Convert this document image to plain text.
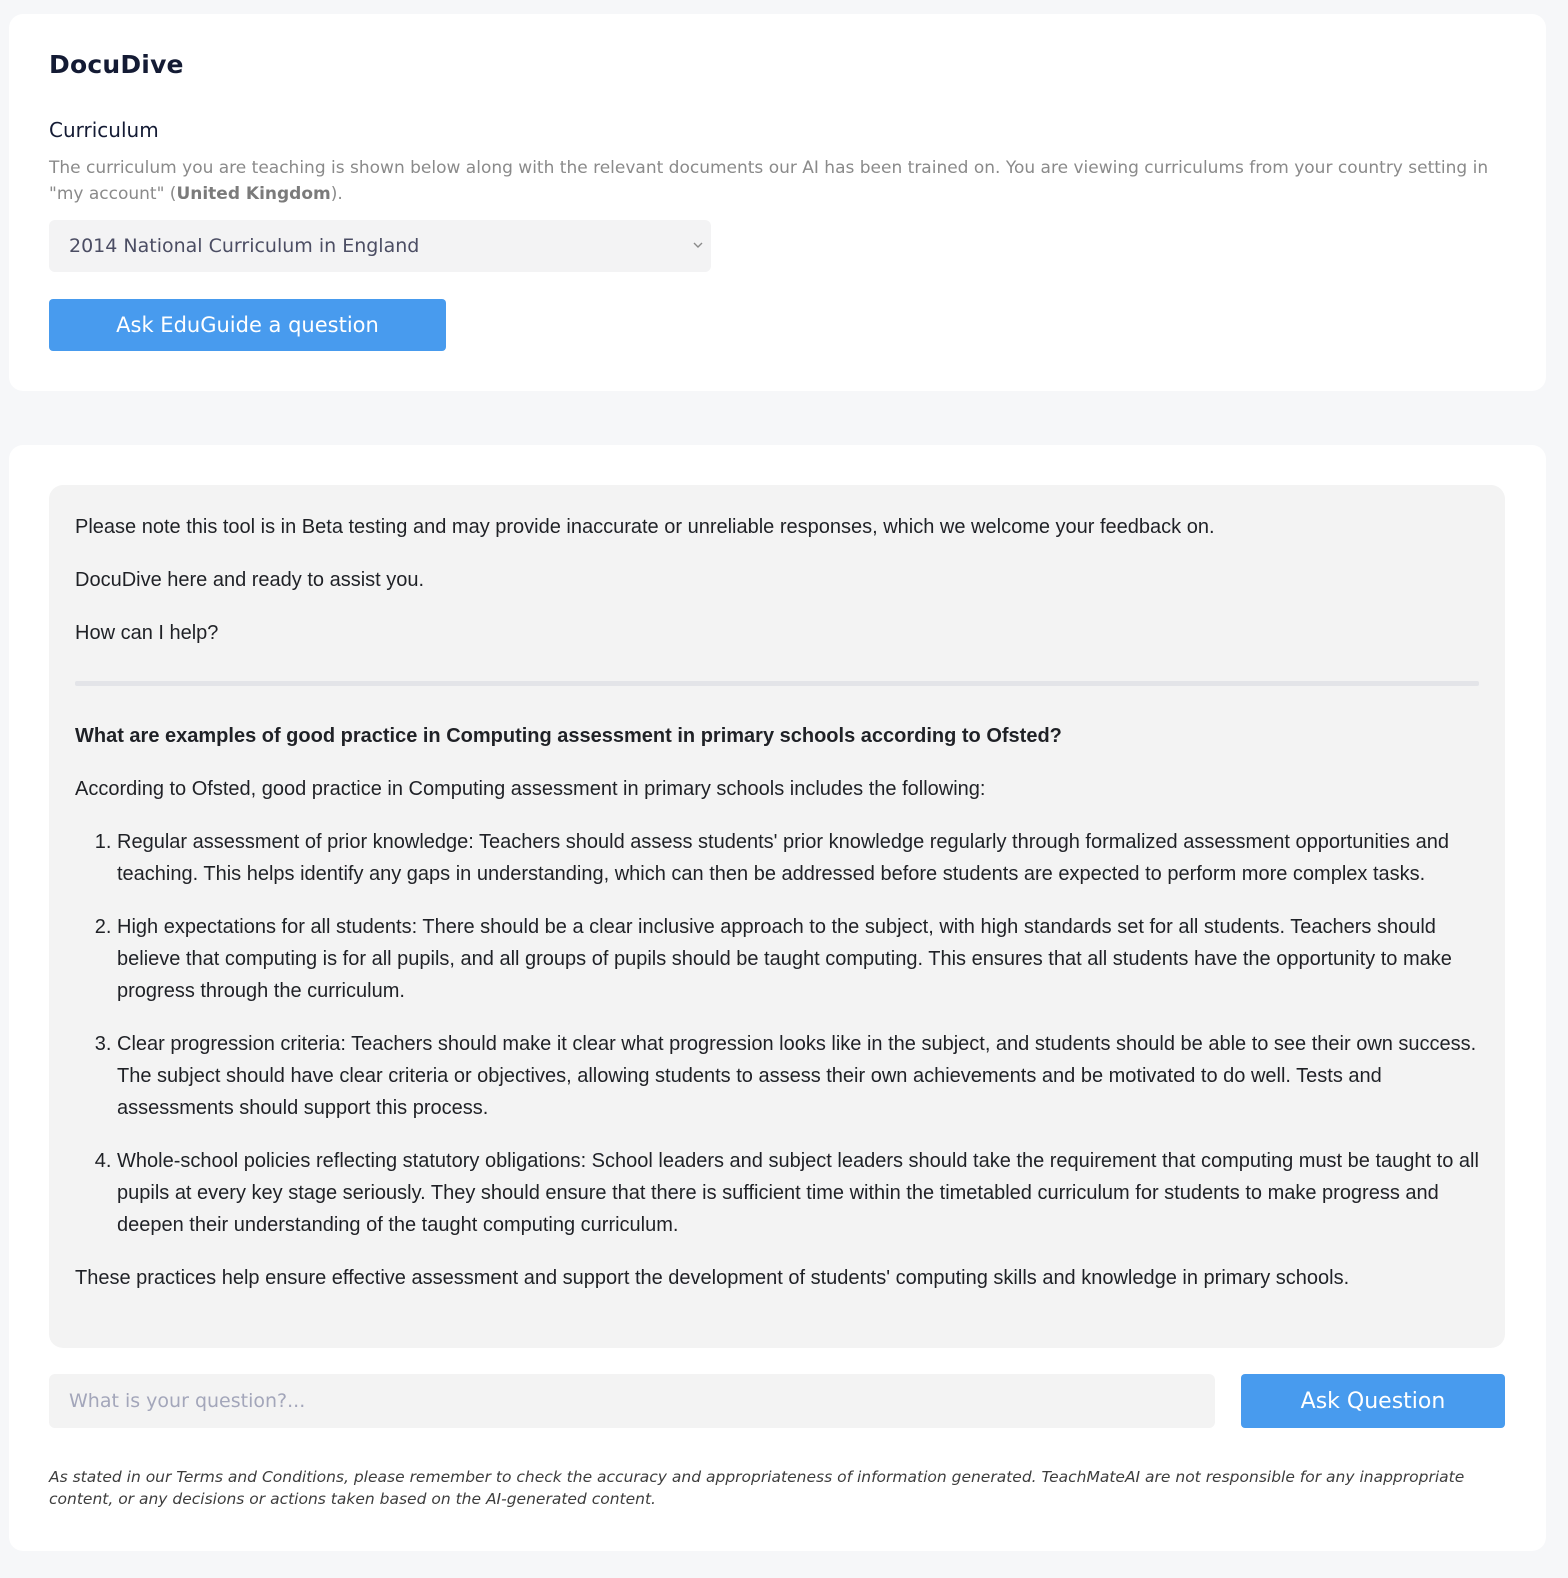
DocuDive
Curriculum
The curriculum you are teaching is shown below along with the relevant documents our AI has been trained on. You are viewing curriculums from your country setting in "my account" (United Kingdom).
2014 National Curriculum in England
Ask EduGuide a question

Please note this tool is in Beta testing and may provide inaccurate or unreliable responses, which we welcome your feedback on.

DocuDive here and ready to assist you.

How can I help?

What are examples of good practice in Computing assessment in primary schools according to Ofsted?

According to Ofsted, good practice in Computing assessment in primary schools includes the following:

1. Regular assessment of prior knowledge: Teachers should assess students' prior knowledge regularly through formalized assessment opportunities and teaching. This helps identify any gaps in understanding, which can then be addressed before students are expected to perform more complex tasks.
2. High expectations for all students: There should be a clear inclusive approach to the subject, with high standards set for all students. Teachers should believe that computing is for all pupils, and all groups of pupils should be taught computing. This ensures that all students have the opportunity to make progress through the curriculum.
3. Clear progression criteria: Teachers should make it clear what progression looks like in the subject, and students should be able to see their own success. The subject should have clear criteria or objectives, allowing students to assess their own achievements and be motivated to do well. Tests and assessments should support this process.
4. Whole-school policies reflecting statutory obligations: School leaders and subject leaders should take the requirement that computing must be taught to all pupils at every key stage seriously. They should ensure that there is sufficient time within the timetabled curriculum for students to make progress and deepen their understanding of the taught computing curriculum.

These practices help ensure effective assessment and support the development of students' computing skills and knowledge in primary schools.

What is your question?...
Ask Question

As stated in our Terms and Conditions, please remember to check the accuracy and appropriateness of information generated. TeachMateAI are not responsible for any inappropriate content, or any decisions or actions taken based on the AI-generated content.
